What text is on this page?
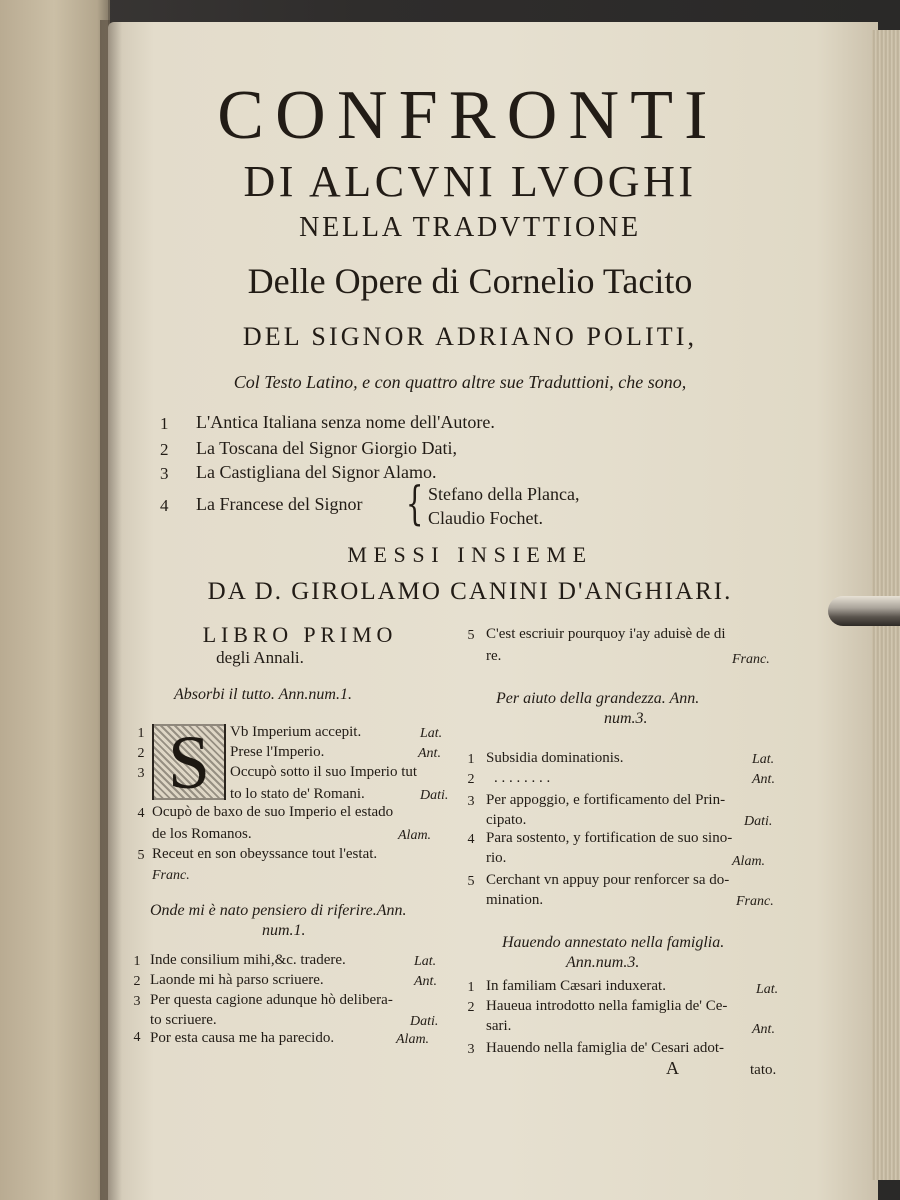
CONFRONTI
DI ALCVNI LVOGHI
NELLA TRADVTTIONE
Delle Opere di Cornelio Tacito
DEL SIGNOR ADRIANO POLITI,
Col Testo Latino, e con quattro altre sue Traduttioni, che sono,
1	L'Antica Italiana senza nome dell'Autore.
2	La Toscana del Signor Giorgio Dati,
3	La Castigliana del Signor Alamo.
4	La Francese del Signor { Stefano della Planca,
Claudio Fochet.
MESSI INSIEME
DA D. GIROLAMO CANINI D'ANGHIARI.
LIBRO PRIMO
degli Annali.
Absorbi il tutto. Ann.num.1.
S
1	Vb Imperium accepit.	Lat.
2	Prese l'Imperio.	Ant.
3	Occupò sotto il suo Imperio tut
to lo stato de' Romani.	Dati.
4 Ocupò de baxo de suo Imperio el estado
de los Romanos.	Alam.
5 Receut en son obeyssance tout l'estat.
Franc.
Onde mi è nato pensiero di riferire.Ann.
num.1.
1 Inde consilium mihi,&c. tradere.	Lat.
2 Laonde mi hà parso scriuere.	Ant.
3 Per questa cagione adunque hò delibera-
to scriuere.	Dati.
4 Por esta causa me ha parecido.	Alam.
5 C'est escriuir pourquoy i'ay aduisè de di
re.	Franc.
Per aiuto della grandezza. Ann.
num.3.
1 Subsidia dominationis.	Lat.
2 . . . . . . . .	Ant.
3 Per appoggio, e fortificamento del Prin-
cipato.	Dati.
4 Para sostento, y fortification de suo sino-
rio.	Alam.
5 Cerchant vn appuy pour renforcer sa do-
mination.	Franc.
Hauendo annestato nella famiglia.
Ann.num.3.
1 In familiam Cæsari induxerat.	Lat.
2 Haueua introdotto nella famiglia de' Ce-
sari.	Ant.
3 Hauendo nella famiglia de' Cesari adot-
A	tato.
